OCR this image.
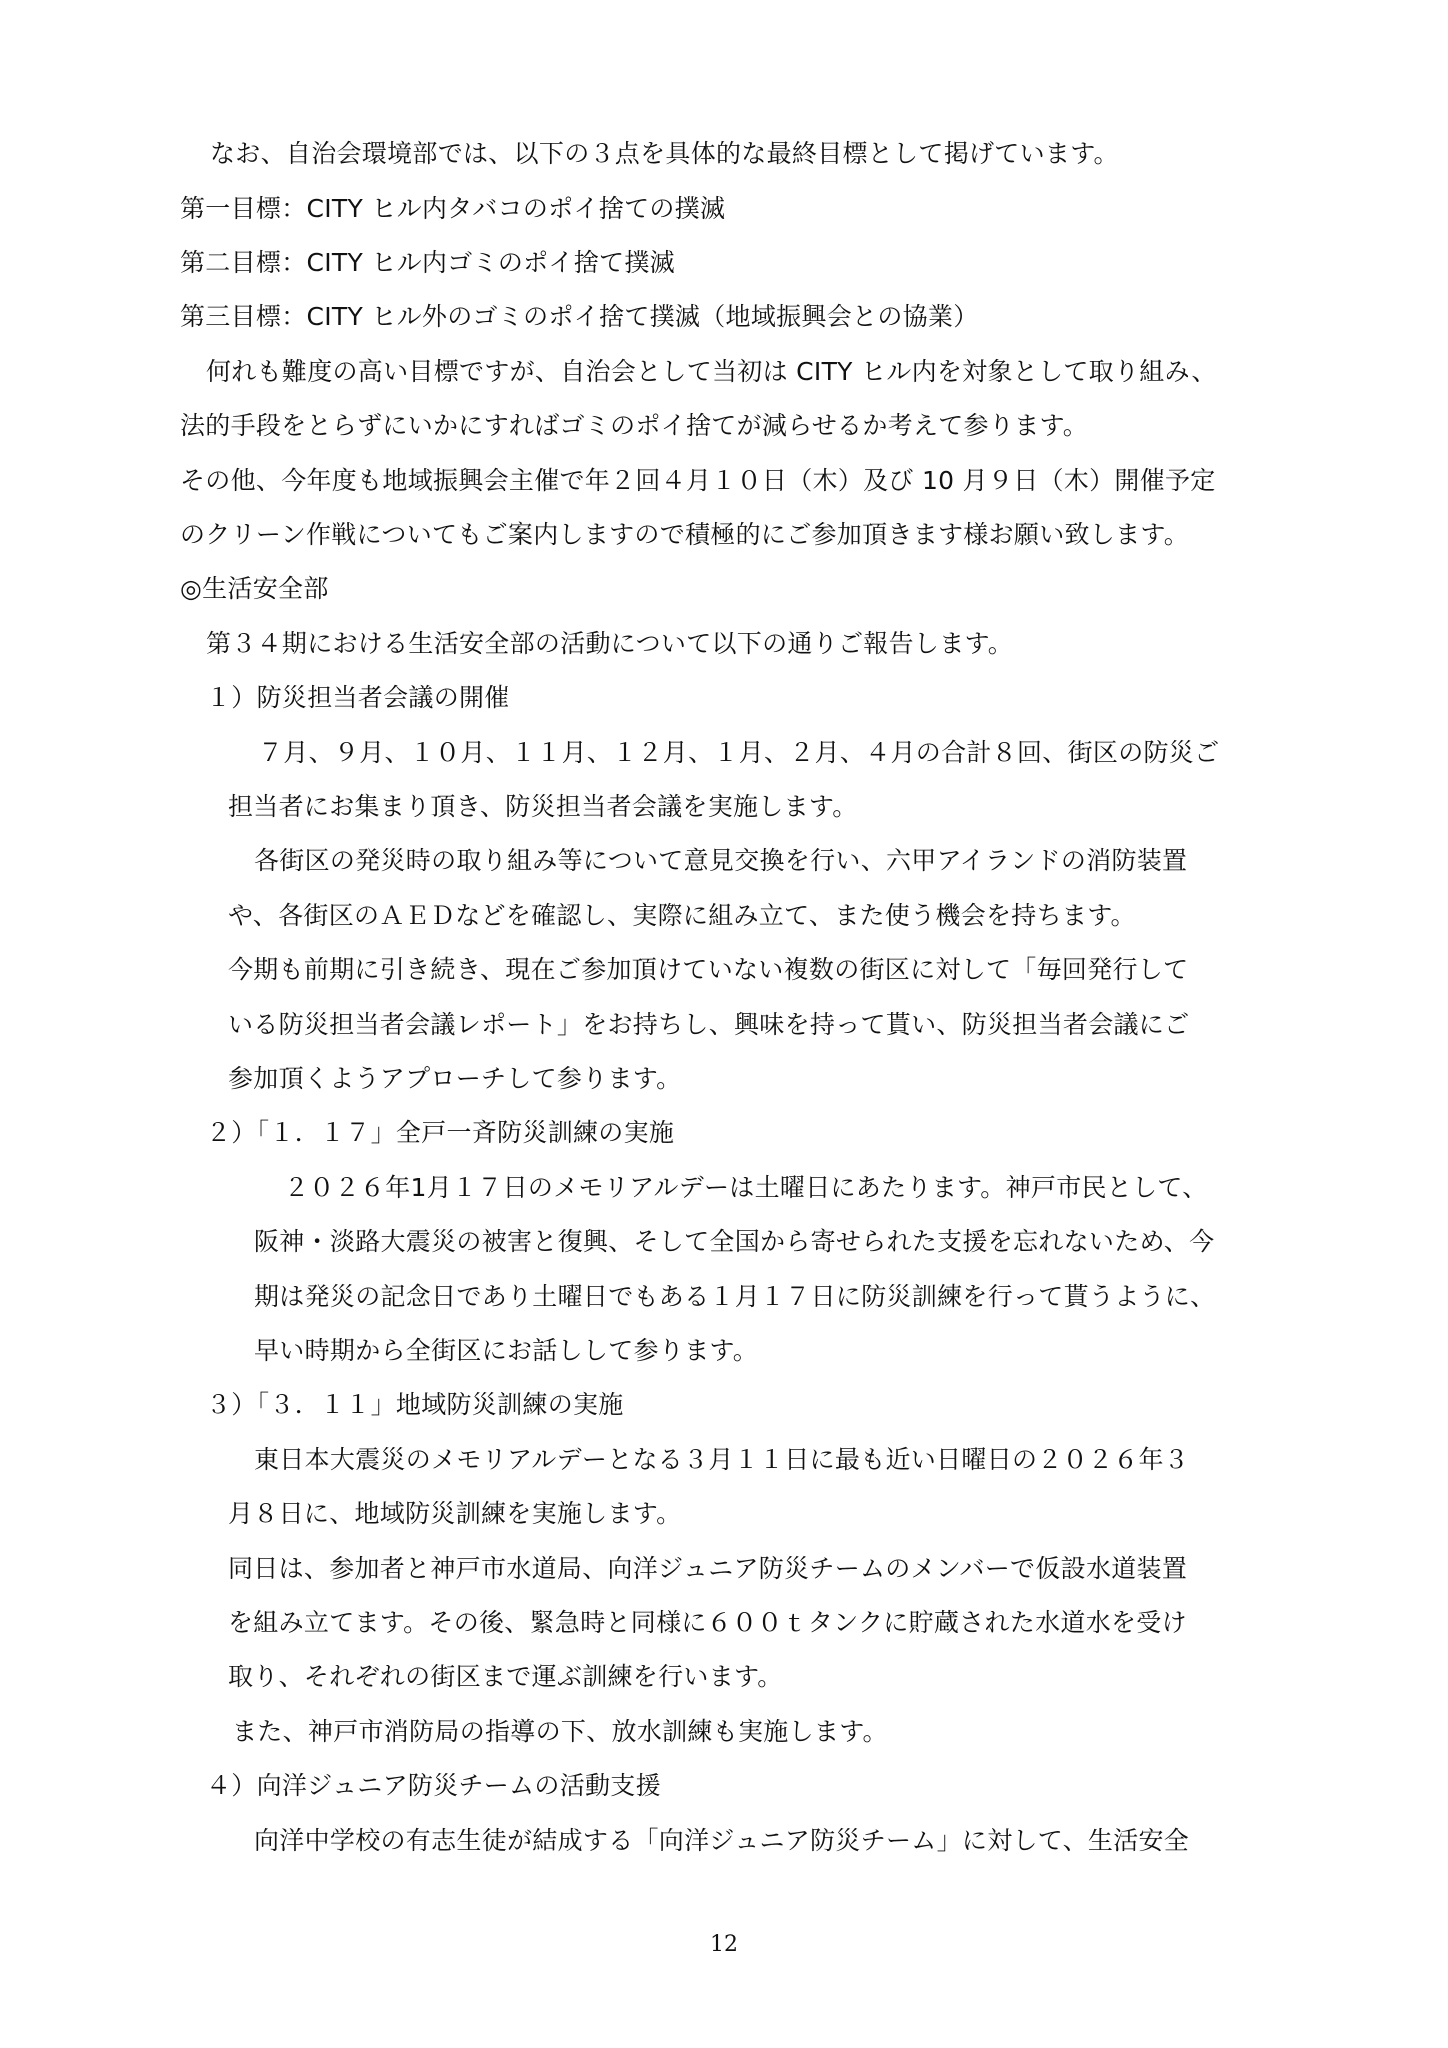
なお、自治会環境部では、以下の３点を具体的な最終目標として掲げています。
第一目標：CITY ヒル内タバコのポイ捨ての撲滅
第二目標：CITY ヒル内ゴミのポイ捨て撲滅
第三目標：CITY ヒル外のゴミのポイ捨て撲滅（地域振興会との協業）
何れも難度の高い目標ですが、自治会として当初は CITY ヒル内を対象として取り組み、
法的手段をとらずにいかにすればゴミのポイ捨てが減らせるか考えて参ります。
その他、今年度も地域振興会主催で年２回４月１０日（木）及び 10 月９日（木）開催予定
のクリーン作戦についてもご案内しますので積極的にご参加頂きます様お願い致します。
◎生活安全部
第３４期における生活安全部の活動について以下の通りご報告します。
１）防災担当者会議の開催
７月、９月、１０月、１１月、１２月、１月、２月、４月の合計８回、街区の防災ご
担当者にお集まり頂き、防災担当者会議を実施します。
各街区の発災時の取り組み等について意見交換を行い、六甲アイランドの消防装置
や、各街区のＡＥＤなどを確認し、実際に組み立て、また使う機会を持ちます。
今期も前期に引き続き、現在ご参加頂けていない複数の街区に対して「毎回発行して
いる防災担当者会議レポート」をお持ちし、興味を持って貰い、防災担当者会議にご
参加頂くようアプローチして参ります。
２）「１．１７」全戸一斉防災訓練の実施
２０２６年1月１７日のメモリアルデーは土曜日にあたります。神戸市民として、
阪神・淡路大震災の被害と復興、そして全国から寄せられた支援を忘れないため、今
期は発災の記念日であり土曜日でもある１月１７日に防災訓練を行って貰うように、
早い時期から全街区にお話しして参ります。
３）「３．１１」地域防災訓練の実施
東日本大震災のメモリアルデーとなる３月１１日に最も近い日曜日の２０２６年３
月８日に、地域防災訓練を実施します。
同日は、参加者と神戸市水道局、向洋ジュニア防災チームのメンバーで仮設水道装置
を組み立てます。その後、緊急時と同様に６００ｔタンクに貯蔵された水道水を受け
取り、それぞれの街区まで運ぶ訓練を行います。
また、神戸市消防局の指導の下、放水訓練も実施します。
４）向洋ジュニア防災チームの活動支援
向洋中学校の有志生徒が結成する「向洋ジュニア防災チーム」に対して、生活安全
12
